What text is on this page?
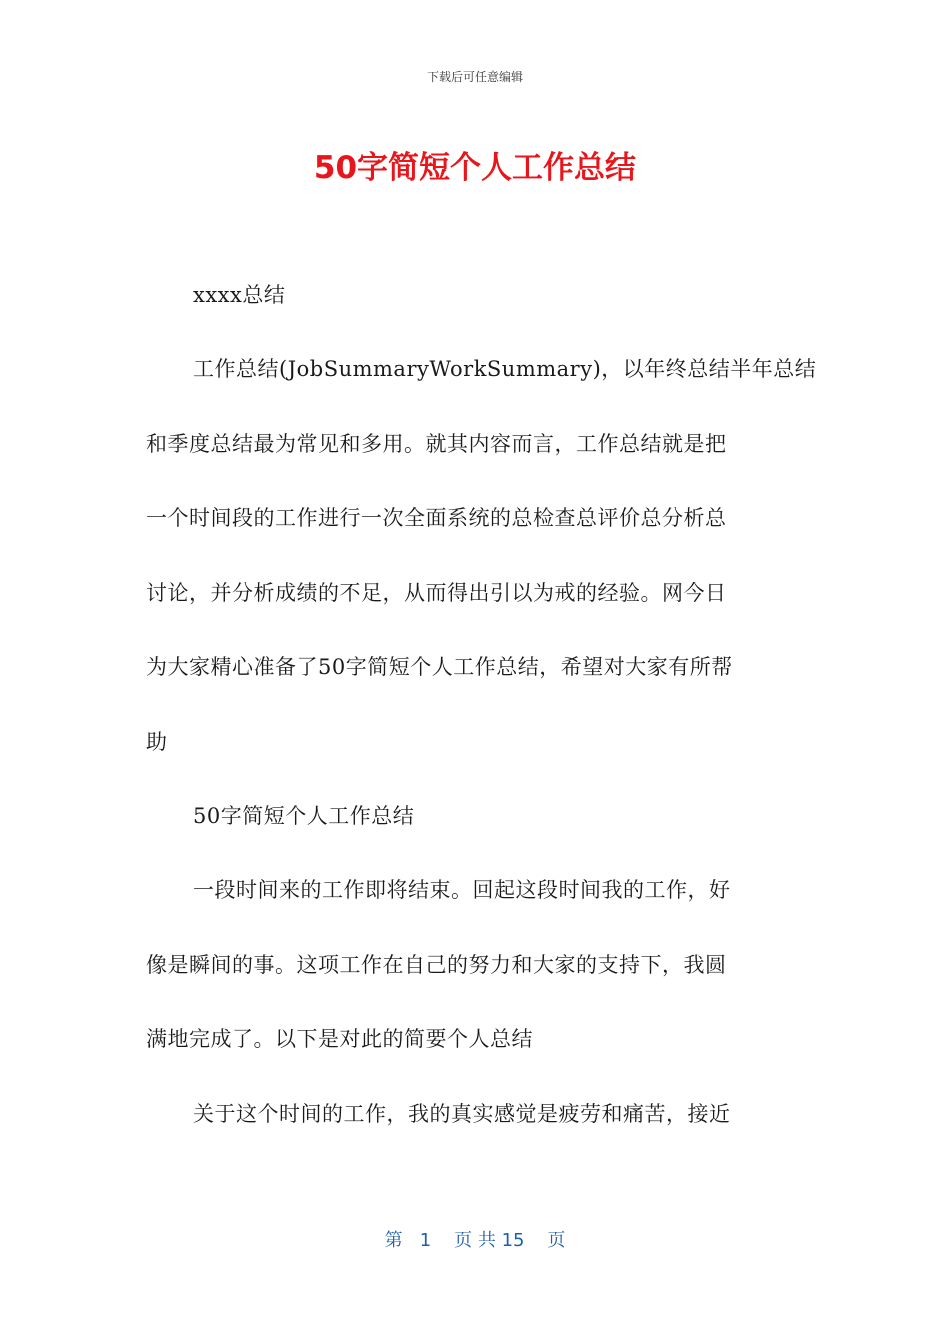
下载后可任意编辑
50字简短个人工作总结
xxxx总结
工作总结(JobSummaryWorkSummary)，以年终总结半年总结
和季度总结最为常见和多用。就其内容而言，工作总结就是把
一个时间段的工作进行一次全面系统的总检查总评价总分析总
讨论，并分析成绩的不足，从而得出引以为戒的经验。网今日
为大家精心准备了50字简短个人工作总结，希望对大家有所帮
助
50字简短个人工作总结
一段时间来的工作即将结束。回起这段时间我的工作，好
像是瞬间的事。这项工作在自己的努力和大家的支持下，我圆
满地完成了。以下是对此的简要个人总结
关于这个时间的工作，我的真实感觉是疲劳和痛苦，接近
第 1 页 共 15 页
